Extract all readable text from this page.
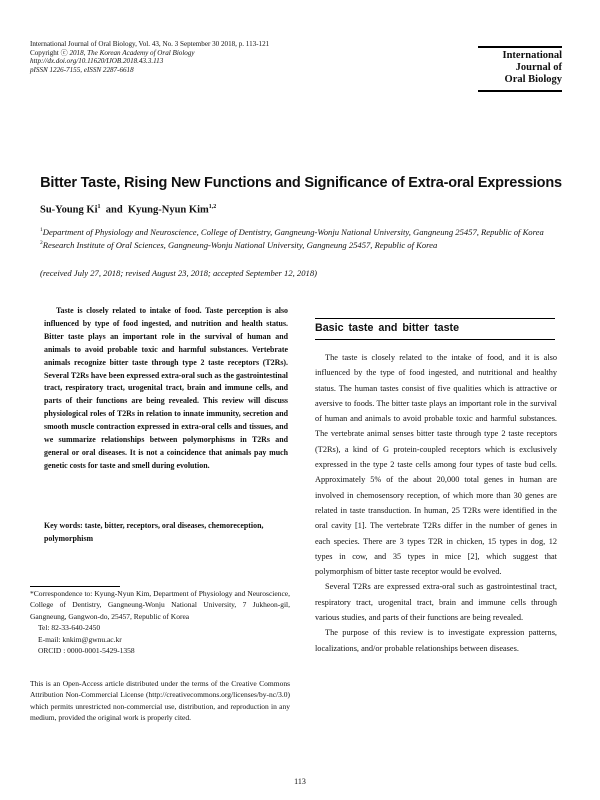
International Journal of Oral Biology, Vol. 43, No. 3 September 30 2018, p. 113-121
Copyright ⓒ 2018, The Korean Academy of Oral Biology
http://dx.doi.org/10.11620/IJOB.2018.43.3.113
pISSN 1226-7155, eISSN 2287-6618
International
Journal of
Oral Biology
Bitter Taste, Rising New Functions and Significance of Extra-oral Expressions
Su-Young Ki$^1$ and Kyung-Nyun Kim$^{1,2}$
$^1$Department of Physiology and Neuroscience, College of Dentistry, Gangneung-Wonju National University, Gangneung 25457, Republic of Korea
$^2$Research Institute of Oral Sciences, Gangneung-Wonju National University, Gangneung 25457, Republic of Korea
(received July 27, 2018; revised August 23, 2018; accepted September 12, 2018)
Taste is closely related to intake of food. Taste perception is also influenced by type of food ingested, and nutrition and health status. Bitter taste plays an important role in the survival of human and animals to avoid probable toxic and harmful substances. Vertebrate animals recognize bitter taste through type 2 taste receptors (T2Rs). Several T2Rs have been expressed extra-oral such as the gastrointestinal tract, respiratory tract, urogenital tract, brain and immune cells, and parts of their functions are being revealed. This review will discuss physiological roles of T2Rs in relation to innate immunity, secretion and smooth muscle contraction expressed in extra-oral cells and tissues, and we summarize relationships between polymorphisms in T2Rs and general or oral diseases. It is not a coincidence that animals pay much genetic costs for taste and smell during evolution.
Key words: taste, bitter, receptors, oral diseases, chemoreception, polymorphism
*Correspondence to: Kyung-Nyun Kim, Department of Physiology and Neuroscience, College of Dentistry, Gangneung-Wonju National University, 7 Jukheon-gil, Gangneung, Gangwon-do, 25457, Republic of Korea
Tel: 82-33-640-2450
E-mail: knkim@gwnu.ac.kr
ORCID : 0000-0001-5429-1358
This is an Open-Access article distributed under the terms of the Creative Commons Attribution Non-Commercial License (http://creativecommons.org/licenses/by-nc/3.0) which permits unrestricted non-commercial use, distribution, and reproduction in any medium, provided the original work is properly cited.
Basic taste and bitter taste

The taste is closely related to the intake of food, and it is also influenced by the type of food ingested, and nutritional and healthy status. The human tastes consist of five qualities which is attractive or aversive to foods. The bitter taste plays an important role in the survival of human and animals to avoid probable toxic and harmful substances. The vertebrate animal senses bitter taste through type 2 taste receptors (T2Rs), a kind of G protein-coupled receptors which is exclusively expressed in the type 2 taste cells among four types of taste bud cells. Approximately 5% of the about 20,000 total genes in human are involved in chemosensory reception, of which more than 30 genes are related in taste transduction. In human, 25 T2Rs were identified in the oral cavity [1]. The vertebrate T2Rs differ in the number of genes in each species. There are 3 types T2R in chicken, 15 types in dog, 12 types in cow, and 35 types in mice [2], which suggest that polymorphism of bitter taste receptor would be evolved.

Several T2Rs are expressed extra-oral such as gastrointestinal tract, respiratory tract, urogenital tract, brain and immune cells through various studies, and parts of their functions are being revealed.

The purpose of this review is to investigate expression patterns, localizations, and/or probable relationships between diseases.

113
